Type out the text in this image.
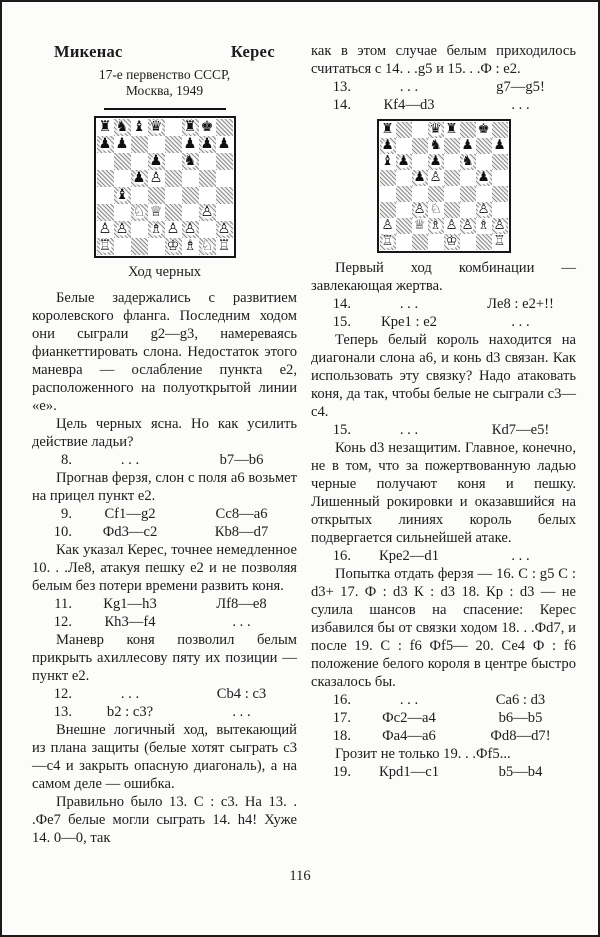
Микенас	Керес
17-е первенство СССР,
Москва, 1949
♜ ♞ ♝ ♛ ♜ ♚
♟ ♟	♟ ♟ ♟
♟ ♞
♟ ♙
♝
♘ ♕	♙
♙ ♙ ♗ ♙ ♙ ♙
♖	♔ ♗ ♘ ♖
Ход черных
Белые задержались с развитием королевского фланга. Последним ходом они сыграли g2—g3, намереваясь фианкеттировать слона. Недостаток этого маневра — ослабление пункта е2, расположенного на полуоткрытой линии «е».
Цель черных ясна. Но как усилить действие ладьи?
8.	. . .	b7—b6
Прогнав ферзя, слон с поля а6 возьмет на прицел пункт е2.
9.	Сf1—g2	Сс8—а6
10.	Фd3—с2	Кb8—d7
Как указал Керес, точнее немедленное 10. . .Ле8, атакуя пешку е2 и не позволяя белым без потери времени развить коня.
11.	Кg1—h3	Лf8—е8
12.	Кh3—f4	. . .
Маневр коня позволил белым прикрыть ахиллесову пяту их позиции — пункт е2.
12.	. . .	Сb4 : с3
13.	b2 : с3?	. . .
Внешне логичный ход, вытекающий из плана защиты (белые хотят сыграть с3—с4 и закрыть опасную диагональ), а на самом деле — ошибка.
Правильно было 13. С : с3. На 13. . .Фе7 белые могли сыграть 14. h4! Хуже 14. 0—0, так
как в этом случае белым приходилось считаться с 14. . .g5 и 15. . .Ф : е2.
13.	. . .	g7—g5!
14.	Кf4—d3	. . .
♜	♛ ♜ ♚
♟	♞ ♟ ♟
♝ ♟ ♟ ♞
♟ ♙	♟
♙ ♘	♙
♙ ♕ ♗ ♙ ♙ ♗ ♙
♖	♔	♖
Первый ход комбинации — завлекающая жертва.
14.	. . .	Ле8 : е2+!!
15.	Кре1 : е2	. . .
Теперь белый король находится на диагонали слона а6, и конь d3 связан. Как использовать эту связку? Надо атаковать коня, да так, чтобы белые не сыграли с3—с4.
15.	. . .	Кd7—е5!
Конь d3 незащитим. Главное, конечно, не в том, что за пожертвованную ладью черные получают коня и пешку. Лишенный рокировки и оказавшийся на открытых линиях король белых подвергается сильнейшей атаке.
16.	Кре2—d1	. . .
Попытка отдать ферзя — 16. С : g5 С : d3+ 17. Ф : d3 К : d3 18. Кр : d3 — не сулила шансов на спасение: Керес избавился бы от связки ходом 18. . .Фd7, и после 19. С : f6 Фf5— 20. Се4 Ф : f6 положение белого короля в центре быстро сказалось бы.
16.	. . .	Са6 : d3
17.	Фс2—а4	b6—b5
18.	Фа4—а6	Фd8—d7!
Грозит не только 19. . .Фf5...
19.	Крd1—с1	b5—b4
116
